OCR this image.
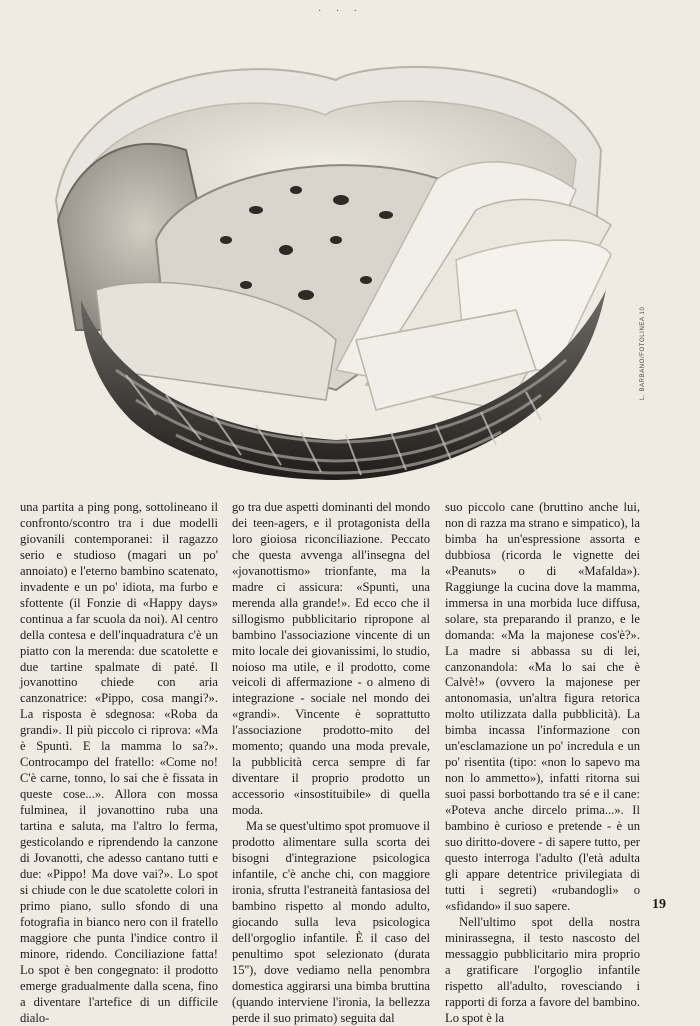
· · ·
L. BARBANO/FOTOLINEA 10

una partita a ping pong, sottolineano il confronto/scontro tra i due modelli giovanili contemporanei: il ragazzo serio e studioso (magari un po' annoiato) e l'eterno bambino scatenato, invadente e un po' idiota, ma furbo e sfottente (il Fonzie di «Happy days» continua a far scuola da noi). Al centro della contesa e dell'inquadratura c'è un piatto con la merenda: due scatolette e due tartine spalmate di paté. Il jovanottino chiede con aria canzonatrice: «Pippo, cosa mangi?». La risposta è sdegnosa: «Roba da grandi». Il più piccolo ci riprova: «Ma è Spuntì. E la mamma lo sa?». Controcampo del fratello: «Come no! C'è carne, tonno, lo sai che è fissata in queste cose...». Allora con mossa fulminea, il jovanottino ruba una tartina e saluta, ma l'altro lo ferma, gesticolando e riprendendo la canzone di Jovanotti, che adesso cantano tutti e due: «Pippo! Ma dove vai?». Lo spot si chiude con le due scatolette colori in primo piano, sullo sfondo di una fotografia in bianco nero con il fratello maggiore che punta l'indice contro il minore, ridendo. Conciliazione fatta! Lo spot è ben congegnato: il prodotto emerge gradualmente dalla scena, fino a diventare l'artefice di un difficile dialo-

go tra due aspetti dominanti del mondo dei teen-agers, e il protagonista della loro gioiosa riconciliazione. Peccato che questa avvenga all'insegna del «jovanottismo» trionfante, ma la madre ci assicura: «Spunti, una merenda alla grande!». Ed ecco che il sillogismo pubblicitario ripropone al bambino l'associazione vincente di un mito locale dei giovanissimi, lo studio, noioso ma utile, e il prodotto, come veicoli di affermazione - o almeno di integrazione - sociale nel mondo dei «grandi». Vincente è soprattutto l'associazione prodotto-mito del momento; quando una moda prevale, la pubblicità cerca sempre di far diventare il proprio prodotto un accessorio «insostituibile» di quella moda.

Ma se quest'ultimo spot promuove il prodotto alimentare sulla scorta dei bisogni d'integrazione psicologica infantile, c'è anche chi, con maggiore ironia, sfrutta l'estraneità fantasiosa del bambino rispetto al mondo adulto, giocando sulla leva psicologica dell'orgoglio infantile. È il caso del penultimo spot selezionato (durata 15''), dove vediamo nella penombra domestica aggirarsi una bimba bruttina (quando interviene l'ironia, la bellezza perde il suo primato) seguita dal

suo piccolo cane (bruttino anche lui, non di razza ma strano e simpatico), la bimba ha un'espressione assorta e dubbiosa (ricorda le vignette dei «Peanuts» o di «Mafalda»). Raggiunge la cucina dove la mamma, immersa in una morbida luce diffusa, solare, sta preparando il pranzo, e le domanda: «Ma la majonese cos'è?». La madre si abbassa su di lei, canzonandola: «Ma lo sai che è Calvè!» (ovvero la majonese per antonomasia, un'altra figura retorica molto utilizzata dalla pubblicità). La bimba incassa l'informazione con un'esclamazione un po' incredula e un po' risentita (tipo: «non lo sapevo ma non lo ammetto»), infatti ritorna sui suoi passi borbottando tra sé e il cane: «Poteva anche dircelo prima...». Il bambino è curioso e pretende - è un suo diritto-dovere - di sapere tutto, per questo interroga l'adulto (l'età adulta gli appare detentrice privilegiata di tutti i segreti) «rubandogli» o «sfidando» il suo sapere.

Nell'ultimo spot della nostra minirassegna, il testo nascosto del messaggio pubblicitario mira proprio a gratificare l'orgoglio infantile rispetto all'adulto, rovesciando i rapporti di forza a favore del bambino. Lo spot è la

19
